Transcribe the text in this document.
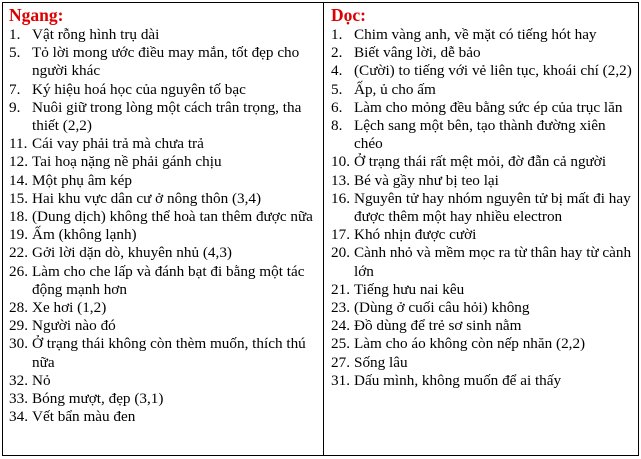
Ngang:
1. Vật rỗng hình trụ dài
5. Tỏ lời mong ước điều may mắn, tốt đẹp cho người khác
7. Ký hiệu hoá học của nguyên tố bạc
9. Nuôi giữ trong lòng một cách trân trọng, tha thiết (2,2)
11. Cái vay phải trả mà chưa trả
12. Tai hoạ nặng nề phải gánh chịu
14. Một phụ âm kép
15. Hai khu vực dân cư ở nông thôn (3,4)
18. (Dung dịch) không thể hoà tan thêm được nữa
19. Ấm (không lạnh)
22. Gởi lời dặn dò, khuyên nhủ (4,3)
26. Làm cho che lấp và đánh bạt đi bằng một tác động mạnh hơn
28. Xe hơi (1,2)
29. Người nào đó
30. Ở trạng thái không còn thèm muốn, thích thú nữa
32. Nỏ
33. Bóng mượt, đẹp (3,1)
34. Vết bẩn màu đen
Dọc:
1. Chim vàng anh, về mặt có tiếng hót hay
2. Biết vâng lời, dễ bảo
4. (Cười) to tiếng với vẻ liên tục, khoái chí (2,2)
5. Ấp, ủ cho ấm
6. Làm cho mỏng đều bằng sức ép của trục lăn
8. Lệch sang một bên, tạo thành đường xiên chéo
10. Ở trạng thái rất mệt mỏi, đờ đẫn cả người
13. Bé và gầy như bị teo lại
16. Nguyên tử hay nhóm nguyên tử bị mất đi hay được thêm một hay nhiều electron
17. Khó nhịn được cười
20. Cành nhỏ và mềm mọc ra từ thân hay từ cành lớn
21. Tiếng hưu nai kêu
23. (Dùng ở cuối câu hỏi) không
24. Đồ dùng để trẻ sơ sinh nằm
25. Làm cho áo không còn nếp nhăn (2,2)
27. Sống lâu
31. Dấu mình, không muốn để ai thấy
